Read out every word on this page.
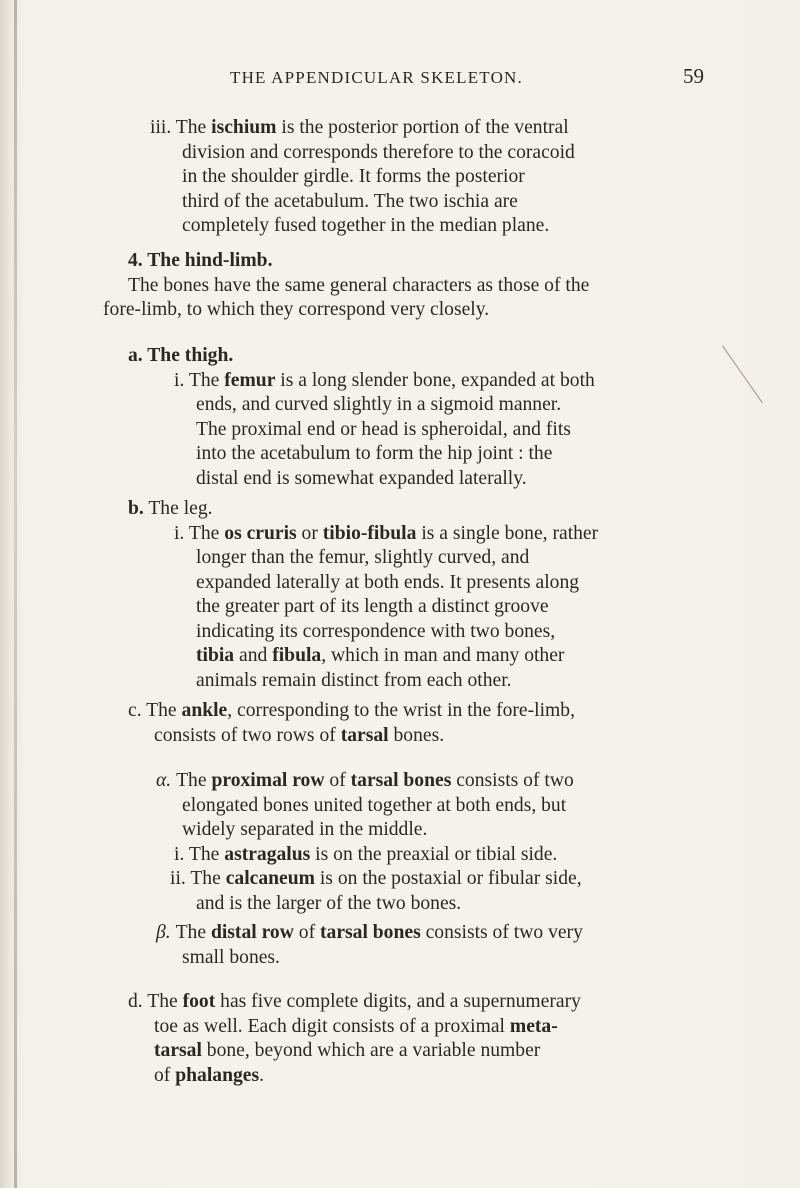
THE APPENDICULAR SKELETON.	59
iii. The ischium is the posterior portion of the ventral
division and corresponds therefore to the coracoid
in the shoulder girdle. It forms the posterior
third of the acetabulum. The two ischia are
completely fused together in the median plane.
4. The hind-limb.
The bones have the same general characters as those of the
fore-limb, to which they correspond very closely.
a. The thigh.
i. The femur is a long slender bone, expanded at both
ends, and curved slightly in a sigmoid manner.
The proximal end or head is spheroidal, and fits
into the acetabulum to form the hip joint : the
distal end is somewhat expanded laterally.
b. The leg.
i. The os cruris or tibio-fibula is a single bone, rather
longer than the femur, slightly curved, and
expanded laterally at both ends. It presents along
the greater part of its length a distinct groove
indicating its correspondence with two bones,
tibia and fibula, which in man and many other
animals remain distinct from each other.
c. The ankle, corresponding to the wrist in the fore-limb,
consists of two rows of tarsal bones.
α. The proximal row of tarsal bones consists of two
elongated bones united together at both ends, but
widely separated in the middle.
i. The astragalus is on the preaxial or tibial side.
ii. The calcaneum is on the postaxial or fibular side,
and is the larger of the two bones.
β. The distal row of tarsal bones consists of two very
small bones.
d. The foot has five complete digits, and a supernumerary
toe as well. Each digit consists of a proximal meta-
tarsal bone, beyond which are a variable number
of phalanges.
